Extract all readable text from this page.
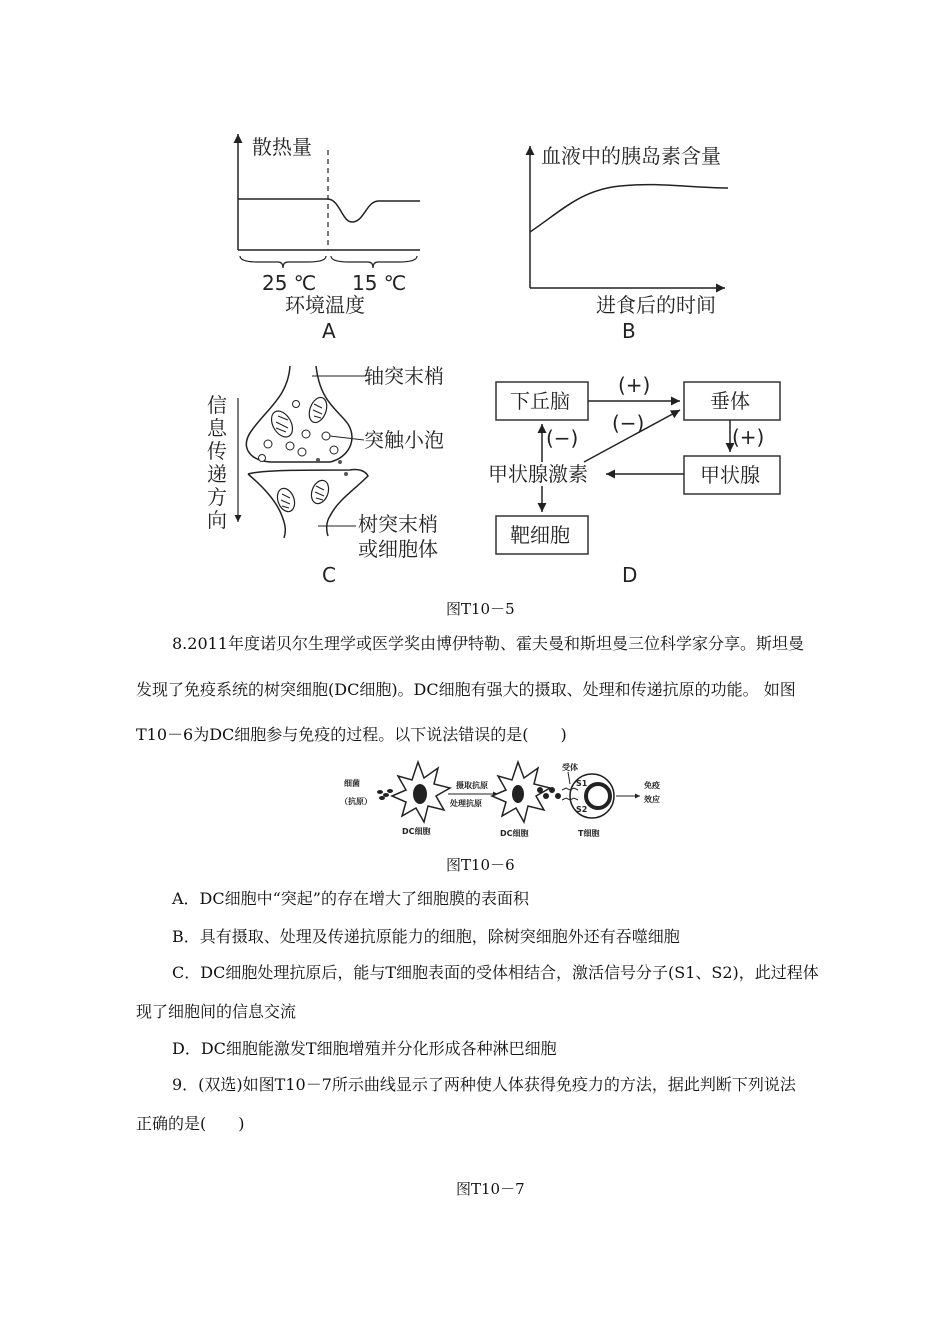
散热量
25 ℃ 15 ℃
环境温度
A
血液中的胰岛素含量
进食后的时间
B
信息传递方向
轴突末梢
突触小泡
树突末梢
或细胞体
C
下丘脑	垂体
甲状腺
甲状腺激素
靶细胞
(+)
(−)
(+)
(−)
D
图T10－5
8.2011年度诺贝尔生理学或医学奖由博伊特勒、霍夫曼和斯坦曼三位科学家分享。斯坦曼
发现了免疫系统的树突细胞(DC细胞)。DC细胞有强大的摄取、处理和传递抗原的功能。 如图
T10－6为DC细胞参与免疫的过程。以下说法错误的是(　　)
细菌
（抗原）
DC细胞
摄取抗原
处理抗原
DC细胞
受体
S1
S2
T细胞
免疫
效应
图T10－6
A．DC细胞中“突起”的存在增大了细胞膜的表面积
B．具有摄取、处理及传递抗原能力的细胞，除树突细胞外还有吞噬细胞
C．DC细胞处理抗原后，能与T细胞表面的受体相结合，激活信号分子(S1、S2)，此过程体
现了细胞间的信息交流
D．DC细胞能激发T细胞增殖并分化形成各种淋巴细胞
9．(双选)如图T10－7所示曲线显示了两种使人体获得免疫力的方法，据此判断下列说法
正确的是(　　)
图T10－7
